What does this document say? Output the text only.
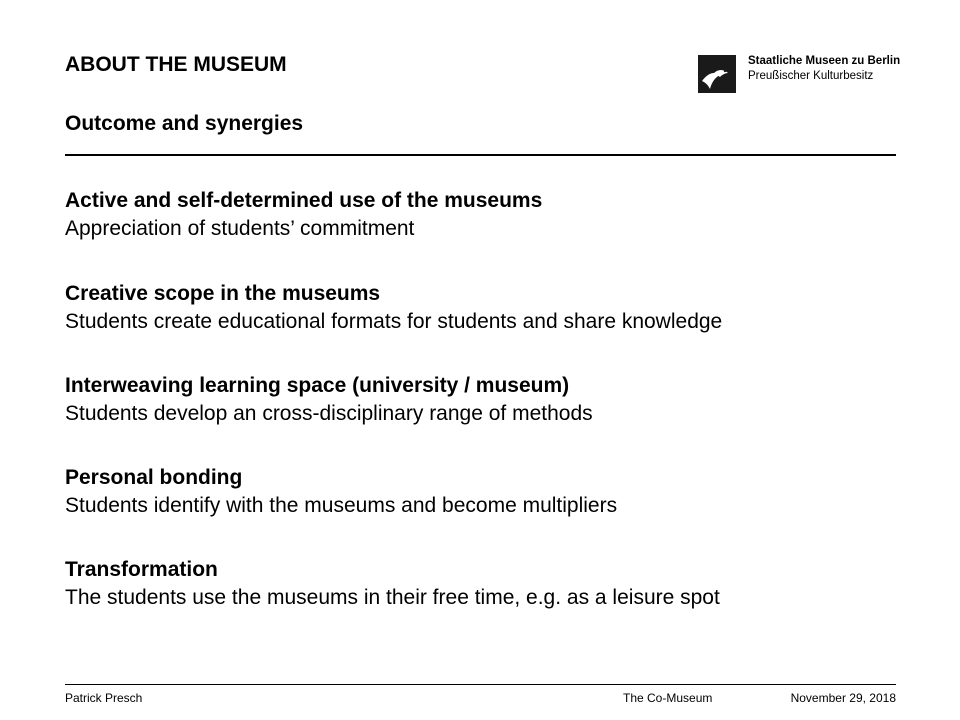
ABOUT THE MUSEUM
Outcome and synergies
Staatliche Museen zu Berlin
Preußischer Kulturbesitz

Active and self-determined use of the museums

Appreciation of students’ commitment

Creative scope in the museums

Students create educational formats for students and share knowledge

Interweaving learning space (university / museum)

Students develop an cross-disciplinary range of methods

Personal bonding

Students identify with the museums and become multipliers

Transformation

The students use the museums in their free time, e.g. as a leisure spot

Patrick Presch	The Co-Museum	November 29, 2018
